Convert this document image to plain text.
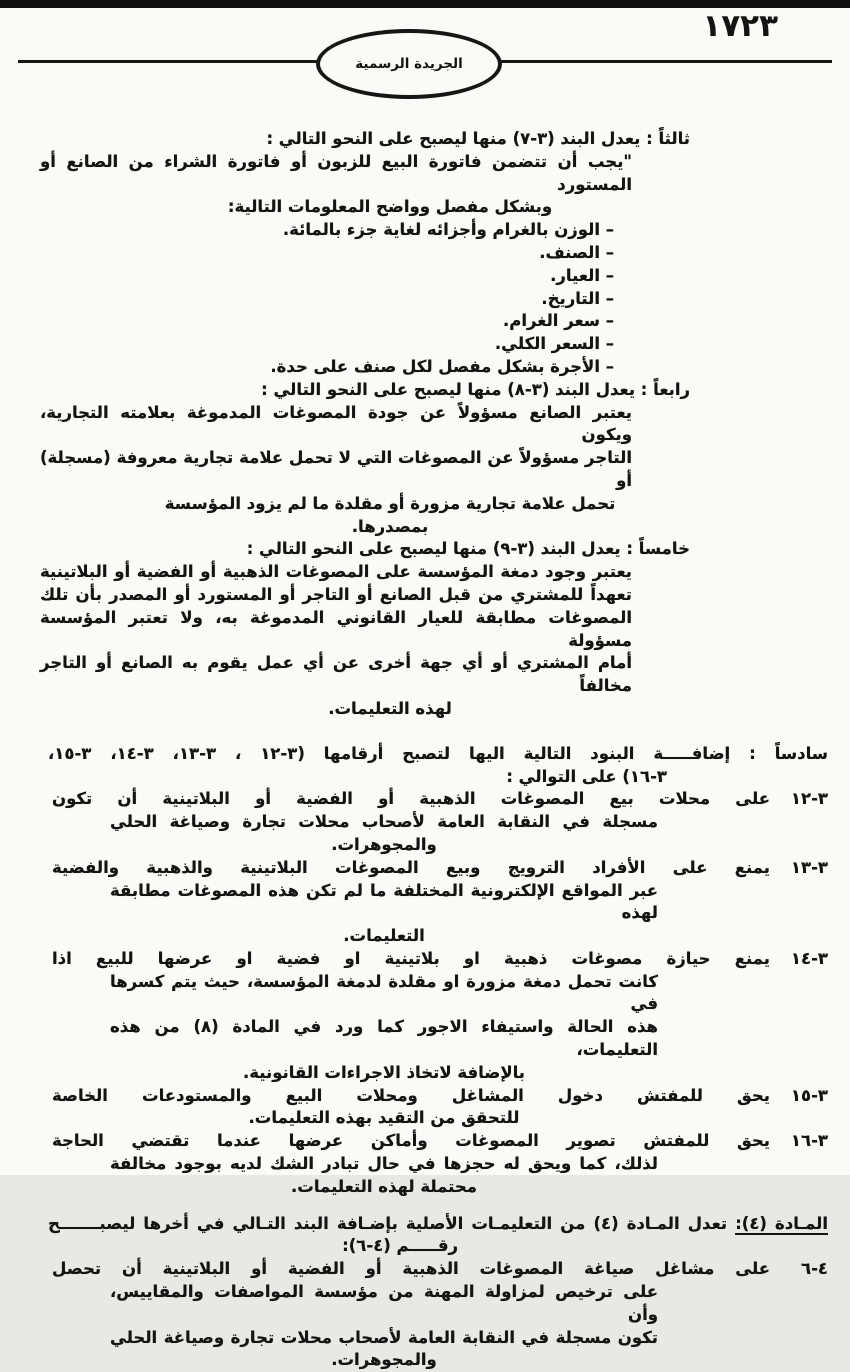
١٧٢٣
الجريدة الرسمية
ثالثاً : يعدل البند (٣-٧) منها ليصبح على النحو التالي :
"يجب أن تتضمن فاتورة البيع للزبون أو فاتورة الشراء من الصانع أو المستورد
وبشكل مفصل وواضح المعلومات التالية:
– الوزن بالغرام وأجزائه لغاية جزء بالمائة.
– الصنف.
– العيار.
– التاريخ.
– سعر الغرام.
– السعر الكلي.
– الأجرة بشكل مفصل لكل صنف على حدة.
رابعاً : يعدل البند (٣-٨) منها ليصبح على النحو التالي :
يعتبر الصانع مسؤولاً عن جودة المصوغات المدموغة بعلامته التجارية، ويكون
التاجر مسؤولاً عن المصوغات التي لا تحمل علامة تجارية معروفة (مسجلة) أو
تحمل علامة تجارية مزورة أو مقلدة ما لم يزود المؤسسة بمصدرها.
خامساً : يعدل البند (٣-٩) منها ليصبح على النحو التالي :
يعتبر وجود دمغة المؤسسة على المصوغات الذهبية أو الفضية أو البلاتينية
تعهداً للمشتري من قبل الصانع أو التاجر أو المستورد أو المصدر بأن تلك
المصوغات مطابقة للعيار القانوني المدموغة به، ولا تعتبر المؤسسة مسؤولة
أمام المشتري أو أي جهة أخرى عن أي عمل يقوم به الصانع أو التاجر مخالفاً
لهذه التعليمات.
سادساً : إضافـــــة البنود التالية اليها لتصبح أرقامها (٣-١٢ ، ٣-١٣، ٣-١٤، ٣-١٥،
٣-١٦) على التوالي :
٣-١٢
على محلات بيع المصوغات الذهبية أو الفضية أو البلاتينية أن تكون
مسجلة في النقابة العامة لأصحاب محلات تجارة وصياغة الحلي
والمجوهرات.
٣-١٣
يمنع على الأفراد الترويج وبيع المصوغات البلاتينية والذهبية والفضية
عبر المواقع الإلكترونية المختلفة ما لم تكن هذه المصوغات مطابقة لهذه
التعليمات.
٣-١٤
يمنع حيازة مصوغات ذهبية او بلاتينية او فضية او عرضها للبيع اذا
كانت تحمل دمغة مزورة او مقلدة لدمغة المؤسسة، حيث يتم كسرها في
هذه الحالة واستيفاء الاجور كما ورد في المادة (٨) من هذه التعليمات،
بالإضافة لاتخاذ الاجراءات القانونية.
٣-١٥
يحق للمفتش دخول المشاغل ومحلات البيع والمستودعات الخاصة
للتحقق من التقيد بهذه التعليمات.
٣-١٦
يحق للمفتش تصوير المصوغات وأماكن عرضها عندما تقتضي الحاجة
لذلك، كما ويحق له حجزها في حال تبادر الشك لديه بوجود مخالفة
محتملة لهذه التعليمات.
المـادة (٤): تعدل المـادة (٤) من التعليمـات الأصلية بإضـافة البند التـالي في أخرها ليصبـــــــح
رقـــــم (٤-٦):
٤-٦
على مشاغل صياغة المصوغات الذهبية أو الفضية أو البلاتينية أن تحصل
على ترخيص لمزاولة المهنة من مؤسسة المواصفات والمقاييس، وأن
تكون مسجلة في النقابة العامة لأصحاب محلات تجارة وصياغة الحلي
والمجوهرات.
